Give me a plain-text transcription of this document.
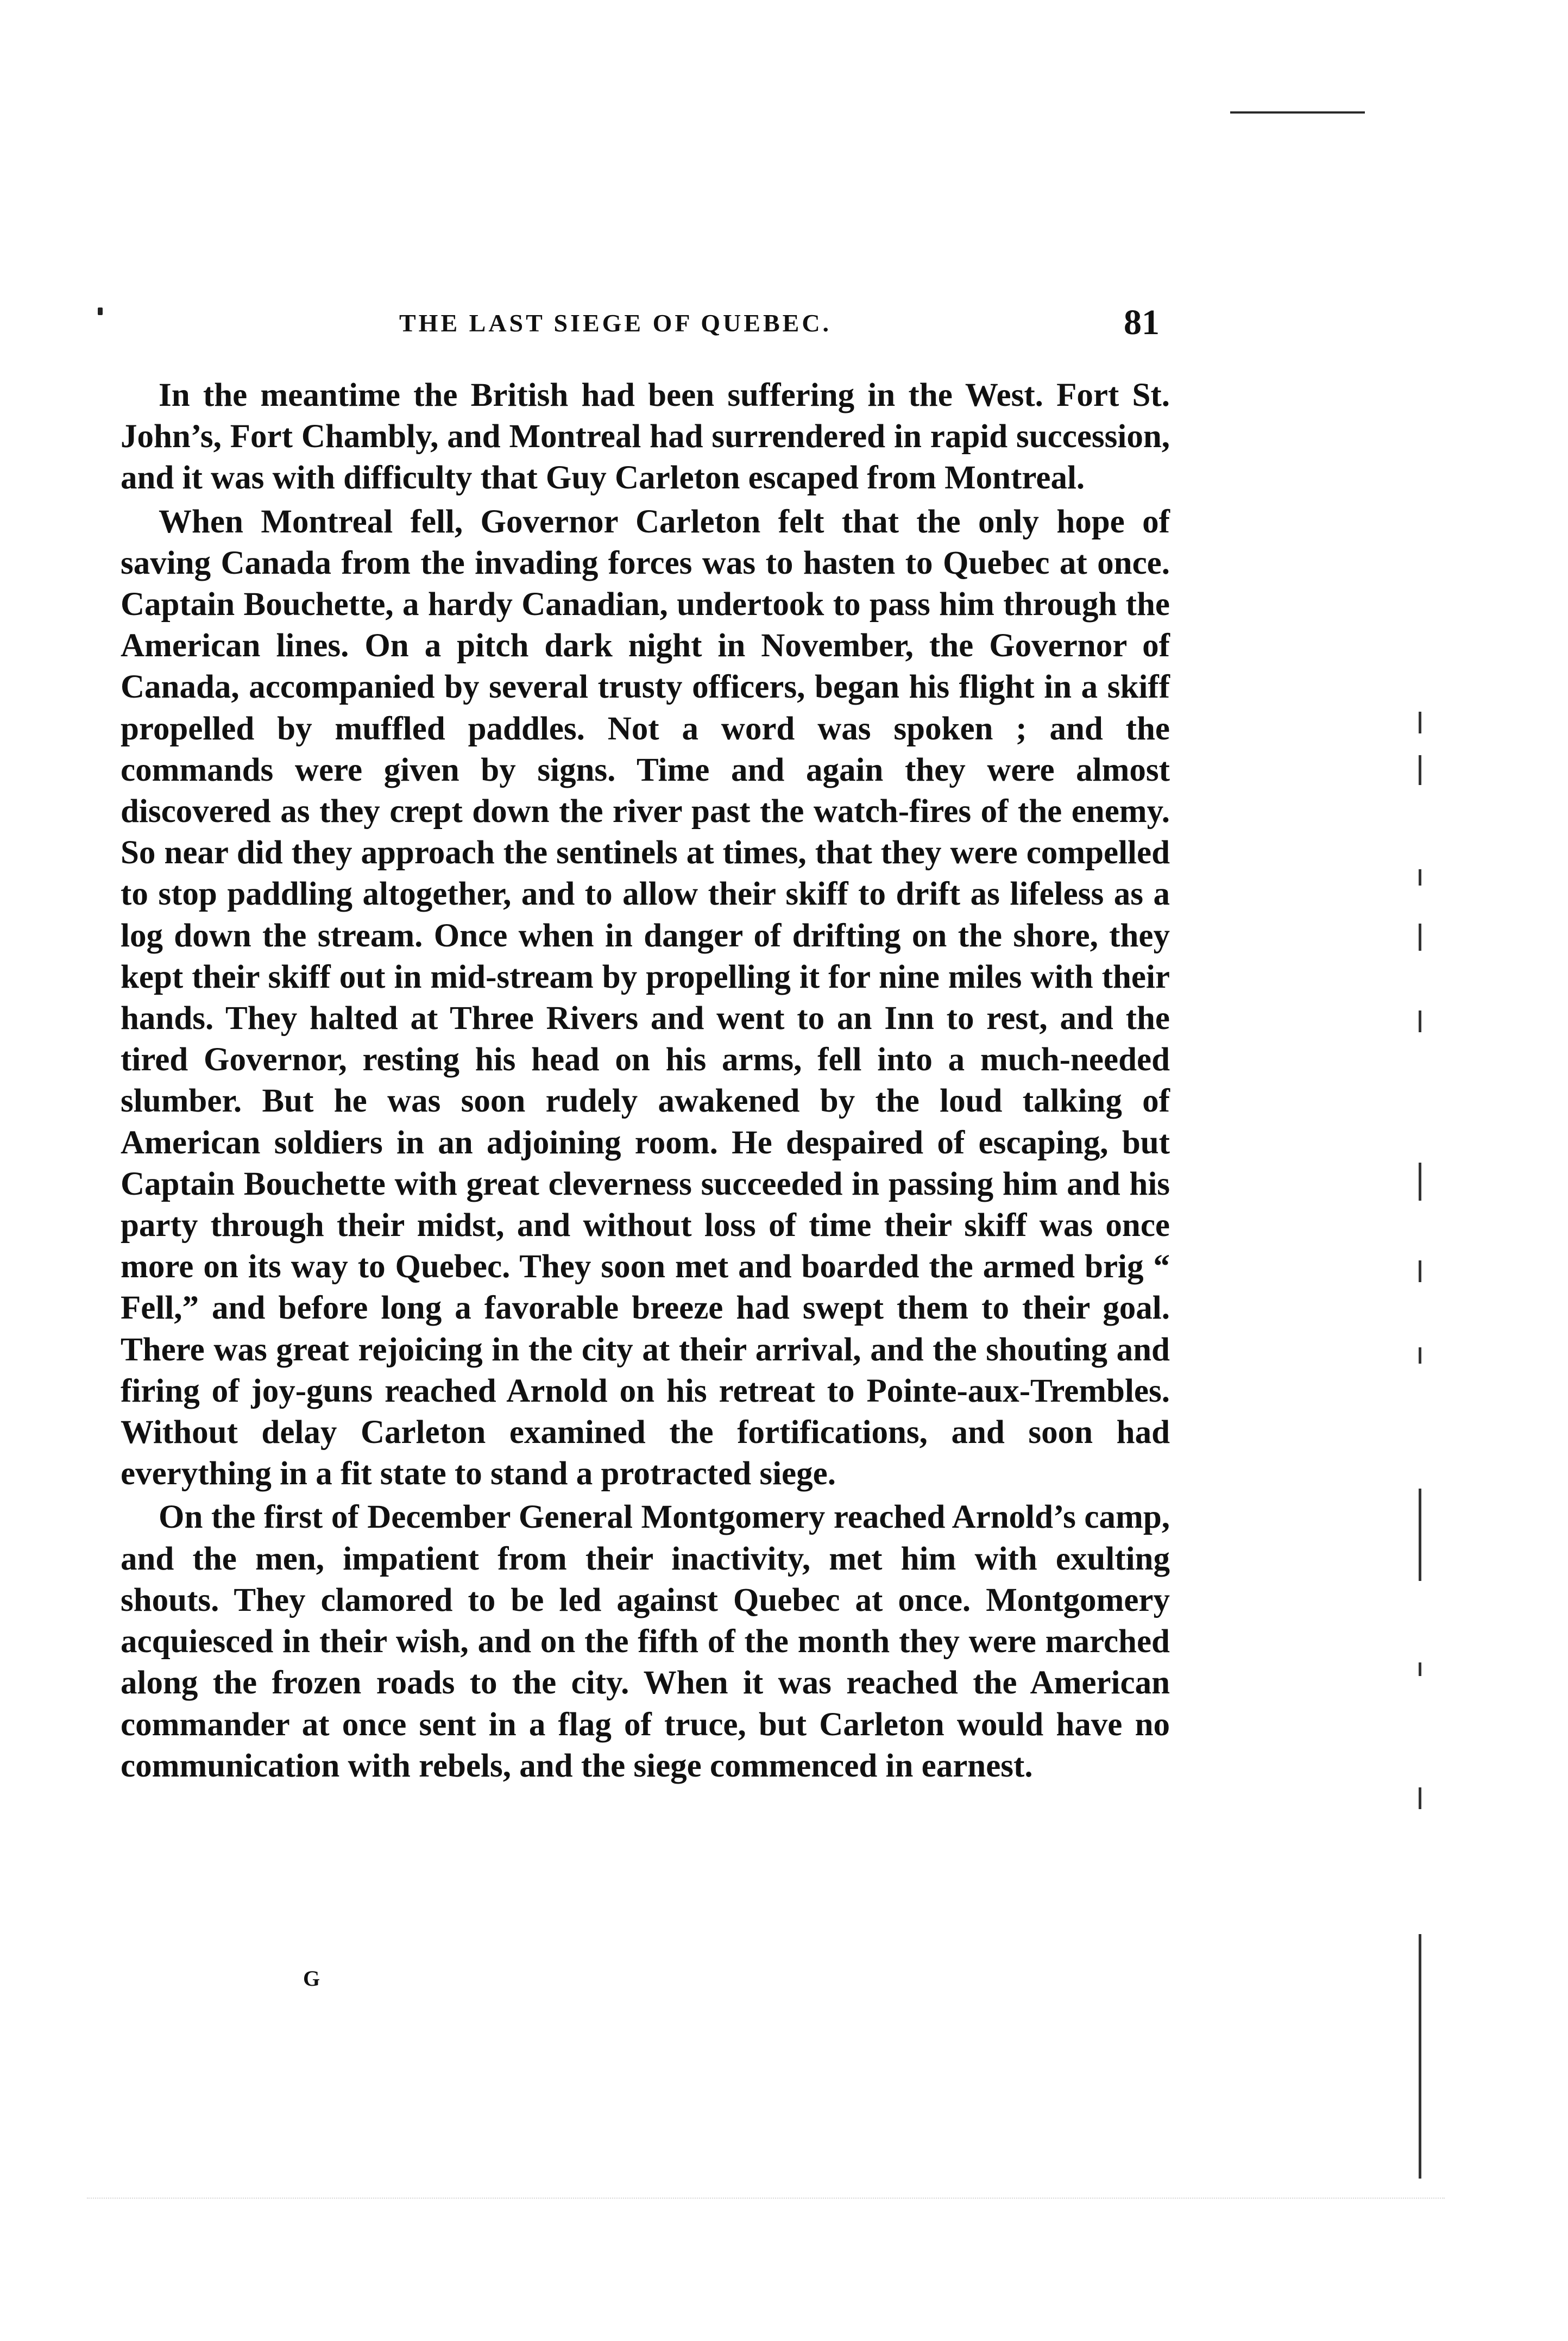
THE LAST SIEGE OF QUEBEC.	81

In the meantime the British had been suffering in the West. Fort St. John’s, Fort Chambly, and Montreal had surrendered in rapid succession, and it was with difficulty that Guy Carleton escaped from Montreal.

When Montreal fell, Governor Carleton felt that the only hope of saving Canada from the invading forces was to hasten to Quebec at once. Captain Bouchette, a hardy Canadian, undertook to pass him through the American lines. On a pitch dark night in November, the Governor of Canada, accompanied by several trusty officers, began his flight in a skiff propelled by muffled paddles. Not a word was spoken ; and the commands were given by signs. Time and again they were almost discovered as they crept down the river past the watch-fires of the enemy. So near did they approach the sentinels at times, that they were compelled to stop paddling altogether, and to allow their skiff to drift as lifeless as a log down the stream. Once when in danger of drifting on the shore, they kept their skiff out in mid-stream by propelling it for nine miles with their hands. They halted at Three Rivers and went to an Inn to rest, and the tired Governor, resting his head on his arms, fell into a much-needed slumber. But he was soon rudely awakened by the loud talking of American soldiers in an adjoining room. He despaired of escaping, but Captain Bouchette with great cleverness succeeded in passing him and his party through their midst, and without loss of time their skiff was once more on its way to Quebec. They soon met and boarded the armed brig “ Fell,” and before long a favorable breeze had swept them to their goal. There was great rejoicing in the city at their arrival, and the shouting and firing of joy-guns reached Arnold on his retreat to Pointe-aux-Trembles. Without delay Carleton examined the fortifications, and soon had everything in a fit state to stand a protracted siege.

On the first of December General Montgomery reached Arnold’s camp, and the men, impatient from their inactivity, met him with exulting shouts. They clamored to be led against Quebec at once. Montgomery acquiesced in their wish, and on the fifth of the month they were marched along the frozen roads to the city. When it was reached the American commander at once sent in a flag of truce, but Carleton would have no communication with rebels, and the siege commenced in earnest.

G
